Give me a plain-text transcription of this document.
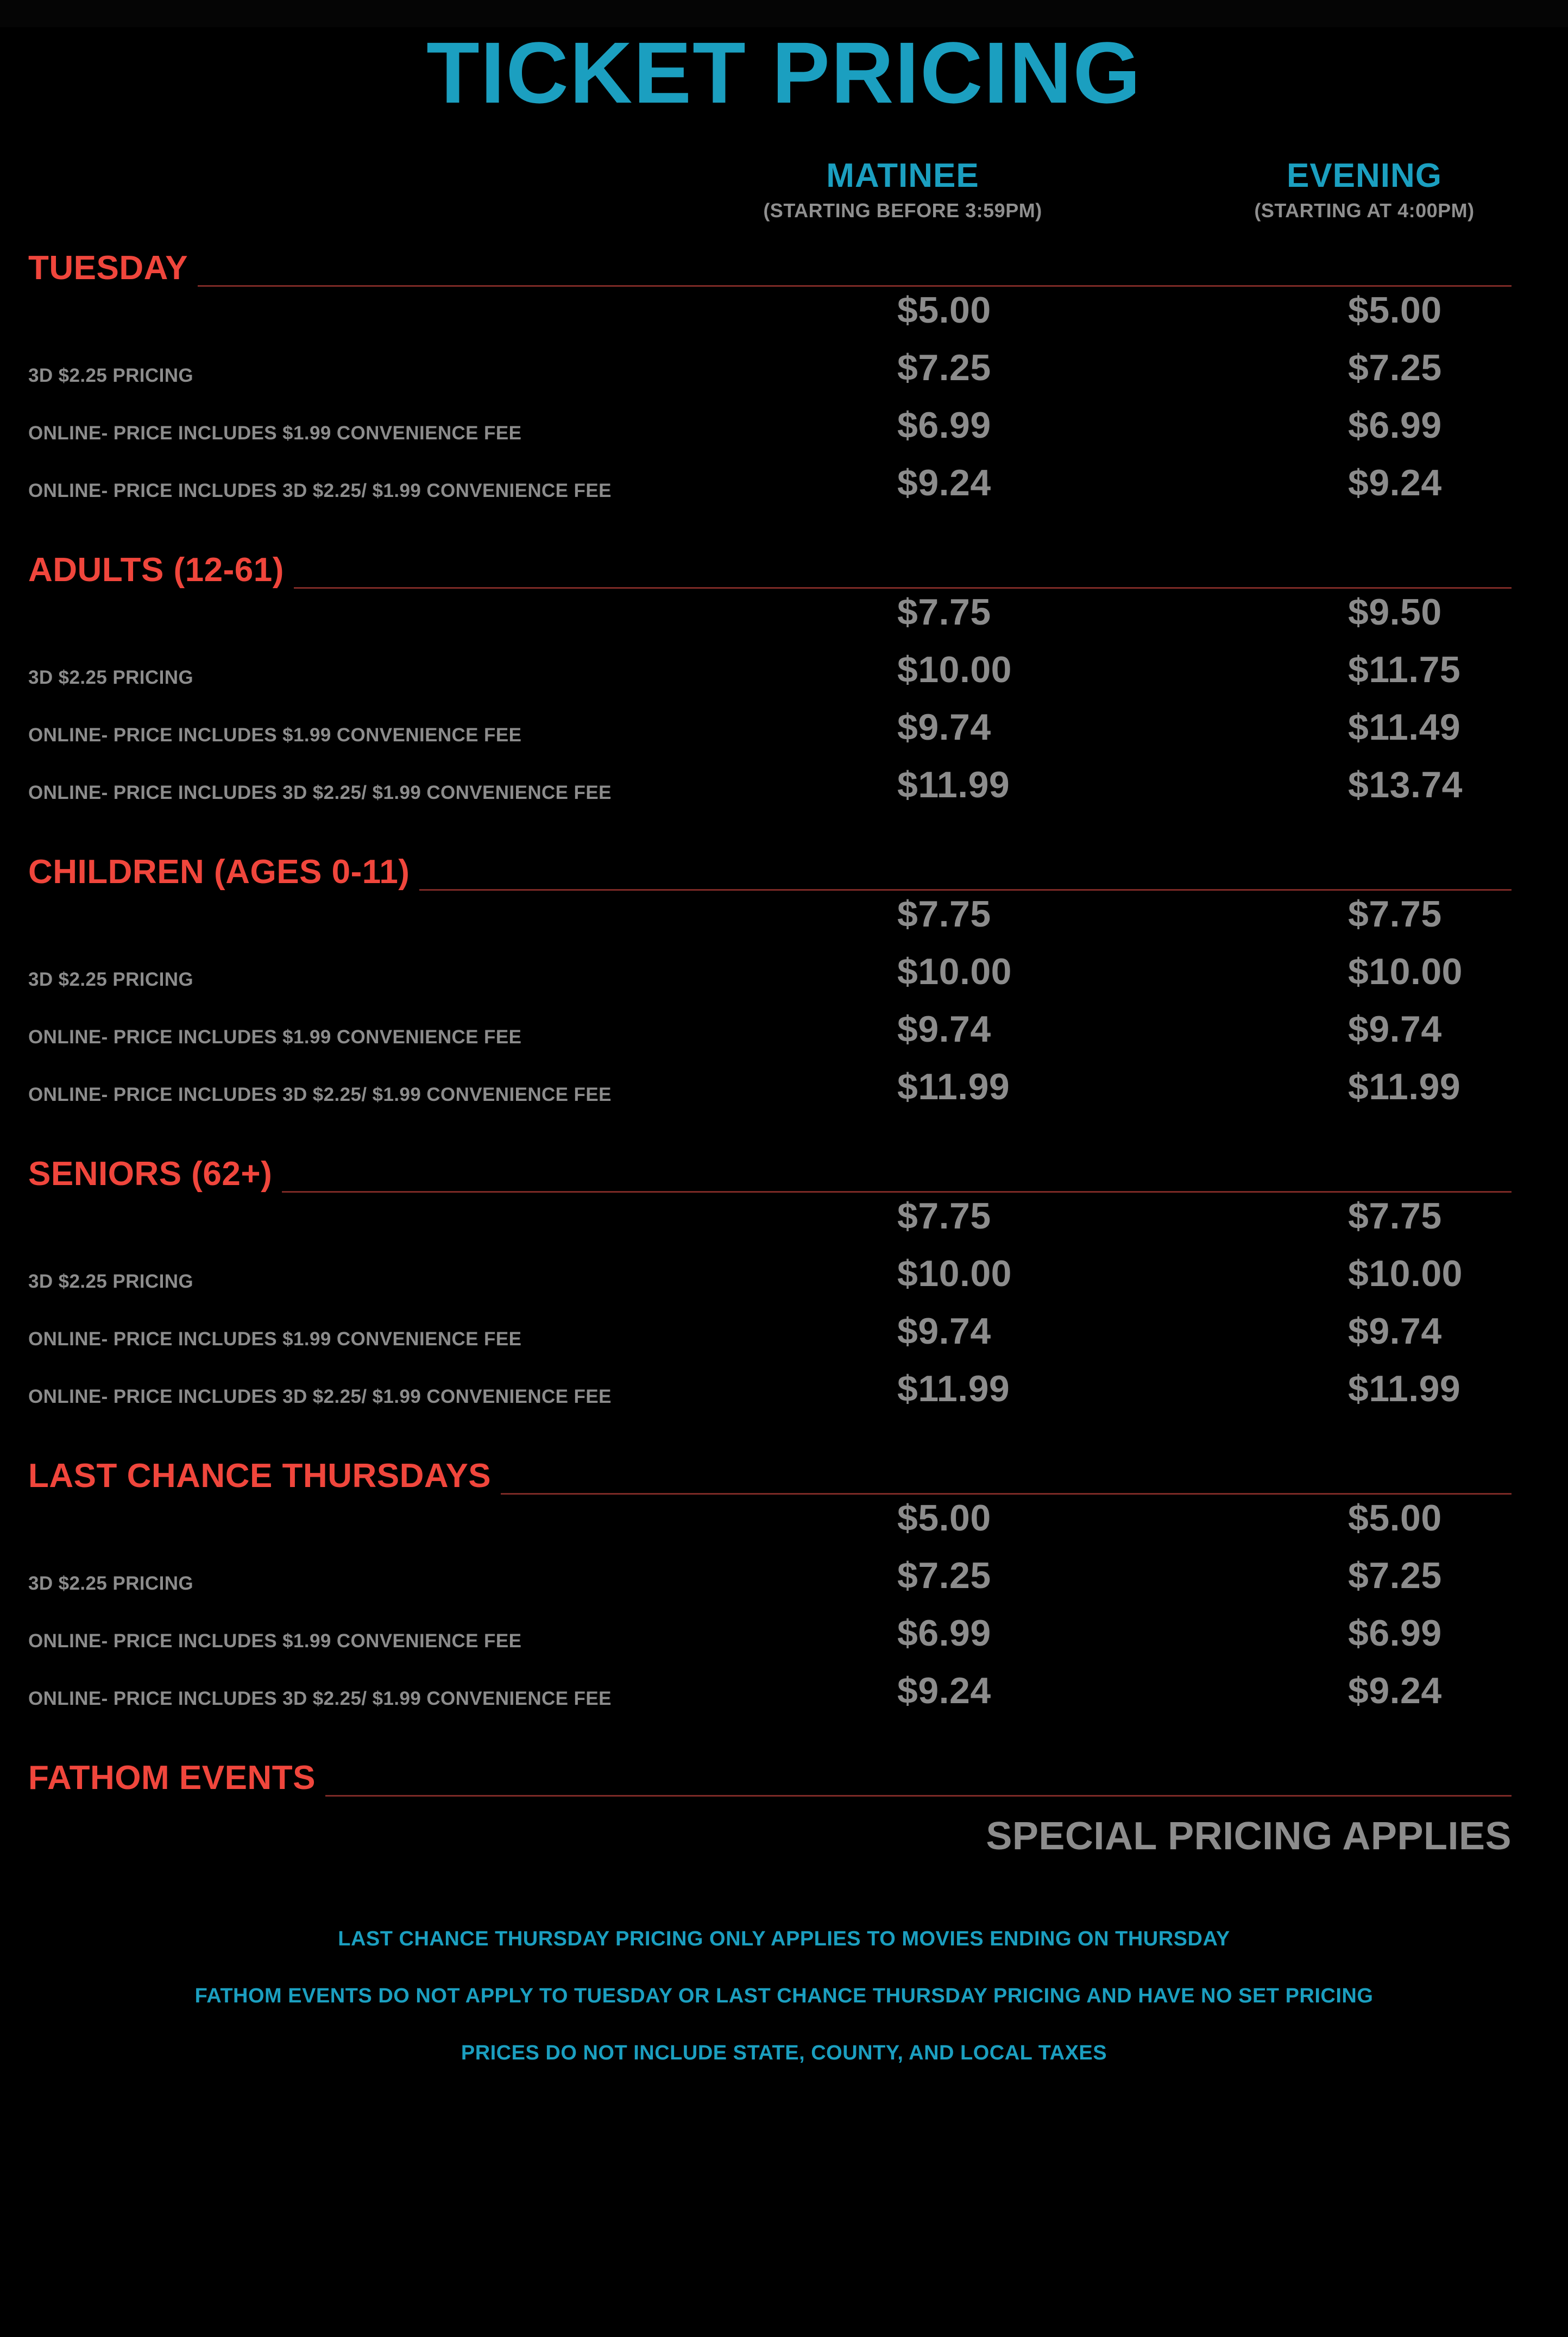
TICKET PRICING
MATINEE
(STARTING BEFORE 3:59PM)
EVENING
(STARTING AT 4:00PM)
TUESDAY
$5.00	$5.00
3D $2.25 PRICING	$7.25	$7.25
ONLINE- PRICE INCLUDES $1.99 CONVENIENCE FEE	$6.99	$6.99
ONLINE- PRICE INCLUDES 3D $2.25/ $1.99 CONVENIENCE FEE	$9.24	$9.24
ADULTS (12-61)
$7.75	$9.50
3D $2.25 PRICING	$10.00	$11.75
ONLINE- PRICE INCLUDES $1.99 CONVENIENCE FEE	$9.74	$11.49
ONLINE- PRICE INCLUDES 3D $2.25/ $1.99 CONVENIENCE FEE	$11.99	$13.74
CHILDREN (AGES 0-11)
$7.75	$7.75
3D $2.25 PRICING	$10.00	$10.00
ONLINE- PRICE INCLUDES $1.99 CONVENIENCE FEE	$9.74	$9.74
ONLINE- PRICE INCLUDES 3D $2.25/ $1.99 CONVENIENCE FEE	$11.99	$11.99
SENIORS (62+)
$7.75	$7.75
3D $2.25 PRICING	$10.00	$10.00
ONLINE- PRICE INCLUDES $1.99 CONVENIENCE FEE	$9.74	$9.74
ONLINE- PRICE INCLUDES 3D $2.25/ $1.99 CONVENIENCE FEE	$11.99	$11.99
LAST CHANCE THURSDAYS
$5.00	$5.00
3D $2.25 PRICING	$7.25	$7.25
ONLINE- PRICE INCLUDES $1.99 CONVENIENCE FEE	$6.99	$6.99
ONLINE- PRICE INCLUDES 3D $2.25/ $1.99 CONVENIENCE FEE	$9.24	$9.24
FATHOM EVENTS
SPECIAL PRICING APPLIES
LAST CHANCE THURSDAY PRICING ONLY APPLIES TO MOVIES ENDING ON THURSDAY
FATHOM EVENTS DO NOT APPLY TO TUESDAY OR LAST CHANCE THURSDAY PRICING AND HAVE NO SET PRICING
PRICES DO NOT INCLUDE STATE, COUNTY, AND LOCAL TAXES
